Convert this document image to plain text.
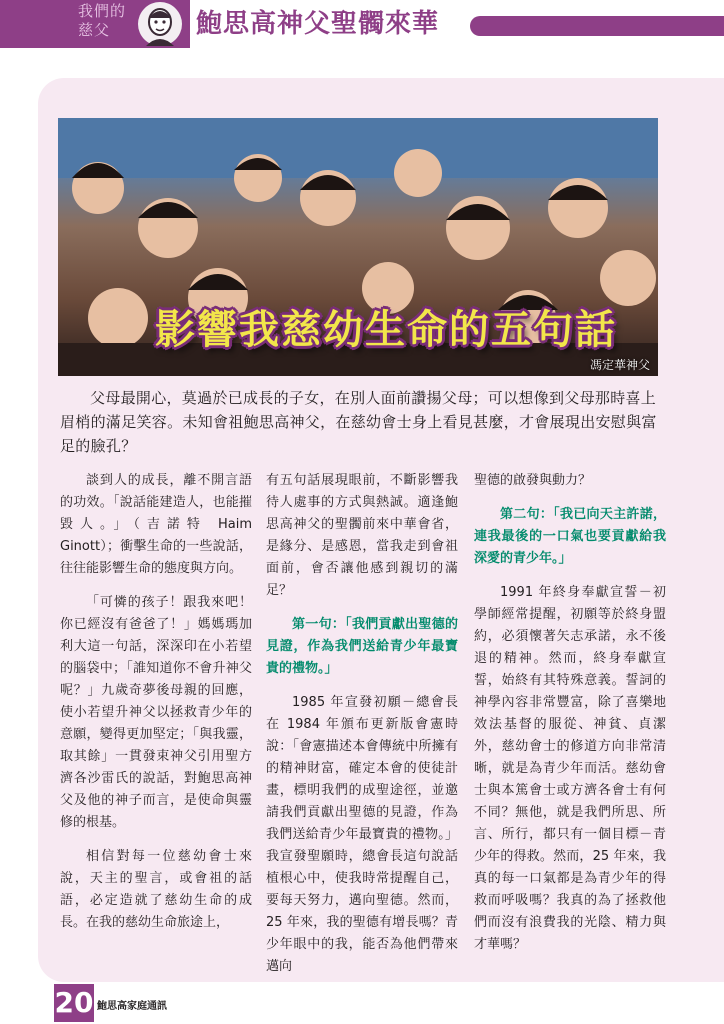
我們的慈父	鮑思高神父聖髑來華
影響我慈幼生命的五句話
馮定華神父

父母最開心，莫過於已成長的子女，在別人面前讚揚父母；可以想像到父母那時喜上眉梢的滿足笑容。未知會祖鮑思高神父，在慈幼會士身上看見甚麼，才會展現出安慰與富足的臉孔？

談到人的成長，離不開言語的功效。「說話能建造人，也能摧毀人。」（吉諾特 Haim Ginott）；衝擊生命的一些說話，往往能影響生命的態度與方向。

「可憐的孩子！跟我來吧！你已經沒有爸爸了！」媽媽瑪加利大這一句話，深深印在小若望的腦袋中；「誰知道你不會升神父呢？」九歲奇夢後母親的回應，使小若望升神父以拯救青少年的意願，變得更加堅定；「與我靈，取其餘」一貫發束神父引用聖方濟各沙雷氏的說話，對鮑思高神父及他的神子而言，是使命與靈修的根基。

相信對每一位慈幼會士來說，天主的聖言，或會祖的話語，必定造就了慈幼生命的成長。在我的慈幼生命旅途上，

有五句話展現眼前，不斷影響我待人處事的方式與熱誠。適逢鮑思高神父的聖髑前來中華會省，是緣分、是感恩，當我走到會祖面前，會否讓他感到親切的滿足？

第一句：「我們貢獻出聖德的見證，作為我們送給青少年最寶貴的禮物。」

1985 年宣發初願－總會長在 1984 年頒布更新版會憲時說：「會憲描述本會傳統中所擁有的精神財富，確定本會的使徒計畫，標明我們的成聖途徑，並邀請我們貢獻出聖德的見證，作為我們送給青少年最寶貴的禮物。」我宣發聖願時，總會長這句說話植根心中，使我時常提醒自己，要每天努力，邁向聖德。然而，25 年來，我的聖德有增長嗎？青少年眼中的我，能否為他們帶來邁向

聖德的啟發與動力？

第二句：「我已向天主許諾，連我最後的一口氣也要貢獻給我深愛的青少年。」

1991 年終身奉獻宣誓－初學師經常提醒，初願等於終身盟約，必須懷著矢志承諾，永不後退的精神。然而，終身奉獻宣誓，始終有其特殊意義。誓詞的神學內容非常豐富，除了喜樂地效法基督的服從、神貧、貞潔外，慈幼會士的修道方向非常清晰，就是為青少年而活。慈幼會士與本篤會士或方濟各會士有何不同？無他，就是我們所思、所言、所行，都只有一個目標－青少年的得救。然而，25 年來，我真的每一口氣都是為青少年的得救而呼吸嗎？我真的為了拯救他們而沒有浪費我的光陰、精力與才華嗎？

20 鮑思高家庭通訊
